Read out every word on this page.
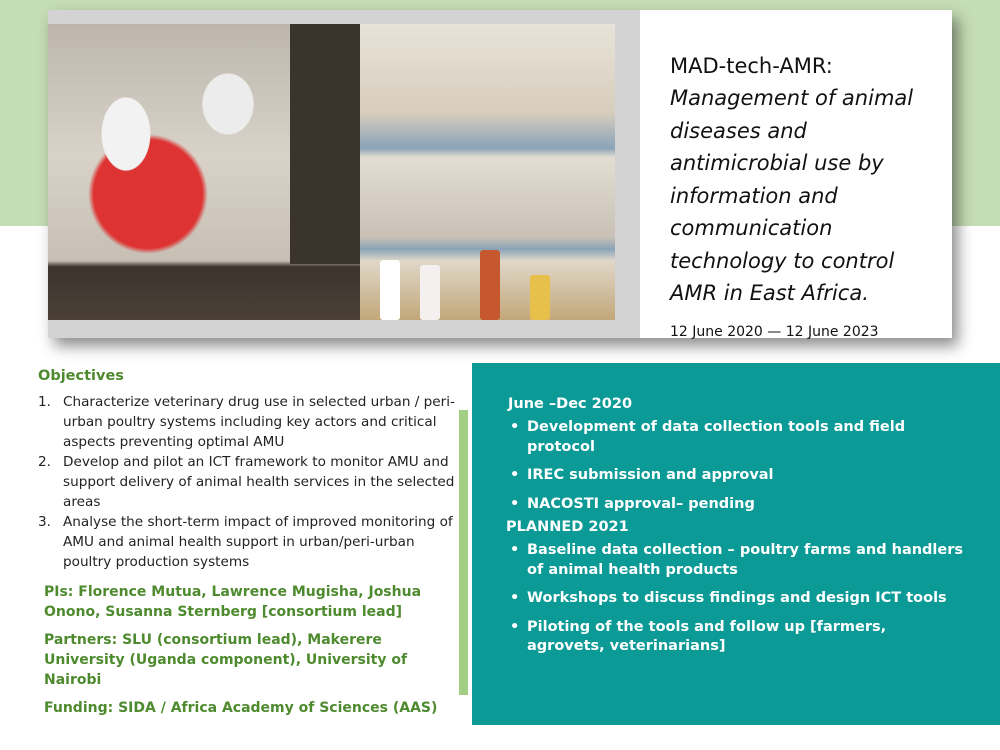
MAD-tech-AMR:
Management of animal diseases and antimicrobial use by information and communication technology to control AMR in East Africa.
12 June 2020 — 12 June 2023
Objectives
1. Characterize veterinary drug use in selected urban / peri-urban poultry systems including key actors and critical aspects preventing optimal AMU
2. Develop and pilot an ICT framework to monitor AMU and support delivery of animal health services in the selected areas
3. Analyse the short-term impact of improved monitoring of AMU and animal health support in urban/peri-urban poultry production systems
PIs: Florence Mutua, Lawrence Mugisha, Joshua Onono, Susanna Sternberg [consortium lead]
Partners: SLU (consortium lead), Makerere University (Uganda component), University of Nairobi
Funding: SIDA / Africa Academy of Sciences (AAS)
June –Dec 2020
• Development of data collection tools and field protocol
• IREC submission and approval
• NACOSTI approval– pending
PLANNED 2021
• Baseline data collection – poultry farms and handlers of animal health products
• Workshops to discuss findings and design ICT tools
• Piloting of the tools and follow up [farmers, agrovets, veterinarians]
